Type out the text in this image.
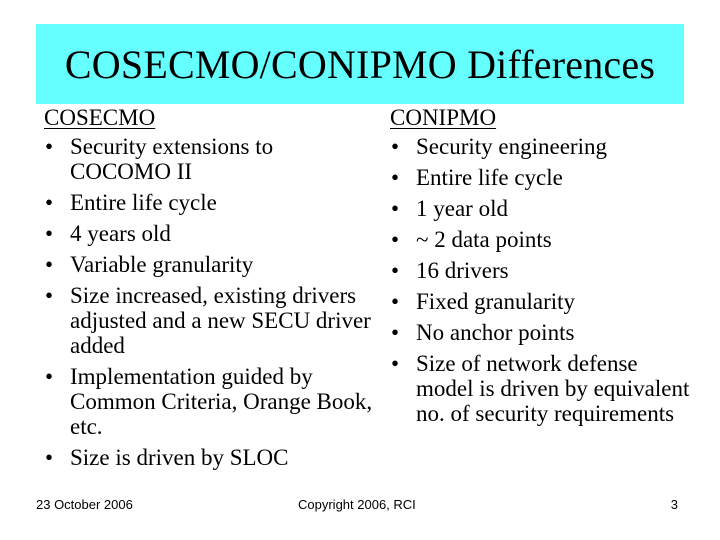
COSECMO/CONIPMO Differences
COSECMO
• Security extensions to COCOMO II
• Entire life cycle
• 4 years old
• Variable granularity
• Size increased, existing drivers adjusted and a new SECU driver added
• Implementation guided by Common Criteria, Orange Book, etc.
• Size is driven by SLOC
CONIPMO
• Security engineering
• Entire life cycle
• 1 year old
• ~ 2 data points
• 16 drivers
• Fixed granularity
• No anchor points
• Size of network defense model is driven by equivalent no. of security requirements
23 October 2006	Copyright 2006, RCI	3
